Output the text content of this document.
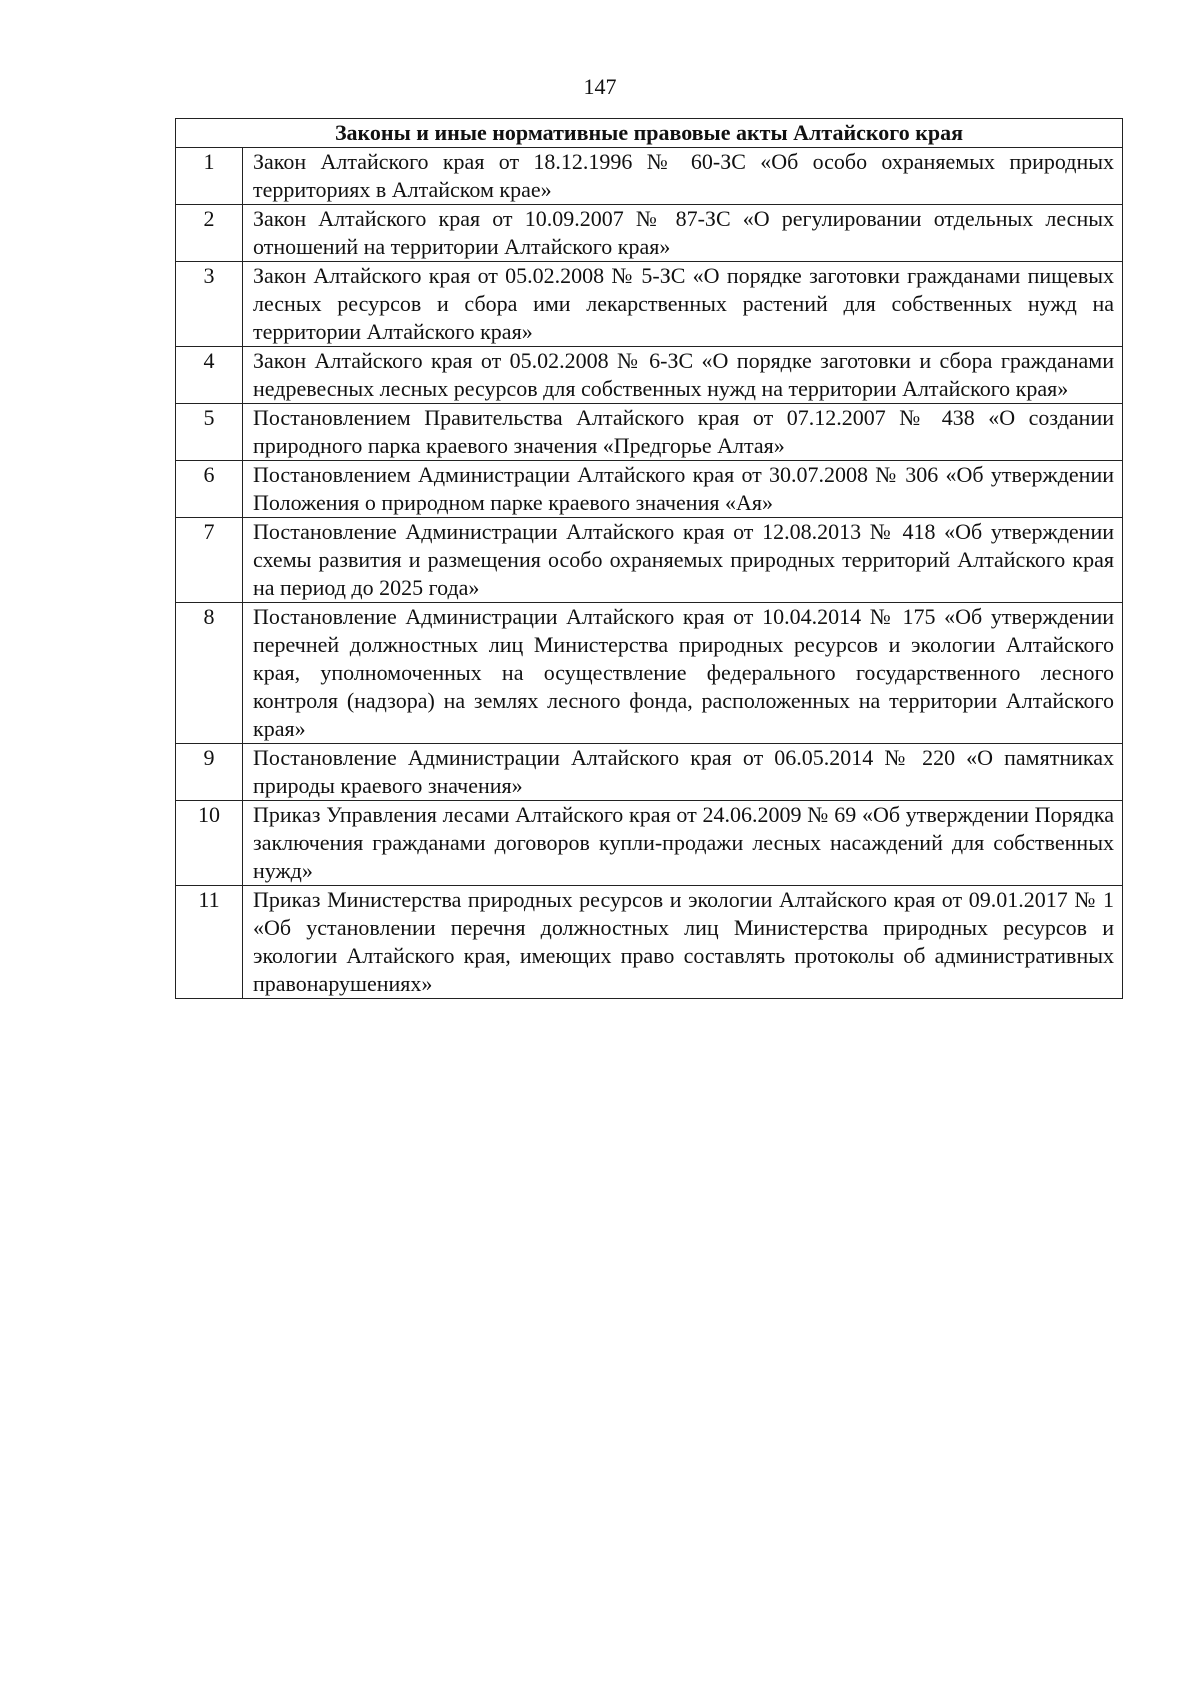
147
Законы и иные нормативные правовые акты Алтайского края	
1	Закон Алтайского края от 18.12.1996 № 60-ЗС «Об особо охраняемых природных территориях в Алтайском крае»
2	Закон Алтайского края от 10.09.2007 № 87-ЗС «О регулировании отдельных лесных отношений на территории Алтайского края»
3	Закон Алтайского края от 05.02.2008 № 5-ЗС «О порядке заготовки гражданами пищевых лесных ресурсов и сбора ими лекарственных растений для собственных нужд на территории Алтайского края»
4	Закон Алтайского края от 05.02.2008 № 6-ЗС «О порядке заготовки и сбора гражданами недревесных лесных ресурсов для собственных нужд на территории Алтайского края»
5	Постановлением Правительства Алтайского края от 07.12.2007 № 438 «О создании природного парка краевого значения «Предгорье Алтая»
6	Постановлением Администрации Алтайского края от 30.07.2008 № 306 «Об утверждении Положения о природном парке краевого значения «Ая»
7	Постановление Администрации Алтайского края от 12.08.2013 № 418 «Об утверждении схемы развития и размещения особо охраняемых природных территорий Алтайского края на период до 2025 года»
8	Постановление Администрации Алтайского края от 10.04.2014 № 175 «Об утверждении перечней должностных лиц Министерства природных ресурсов и экологии Алтайского края, уполномоченных на осуществление федерального государственного лесного контроля (надзора) на землях лесного фонда, расположенных на территории Алтайского края»
9	Постановление Администрации Алтайского края от 06.05.2014 № 220 «О памятниках природы краевого значения»
10	Приказ Управления лесами Алтайского края от 24.06.2009 № 69 «Об утверждении Порядка заключения гражданами договоров купли-продажи лесных насаждений для собственных нужд»
11	Приказ Министерства природных ресурсов и экологии Алтайского края от 09.01.2017 № 1 «Об установлении перечня должностных лиц Министерства природных ресурсов и экологии Алтайского края, имеющих право составлять протоколы об административных правонарушениях»
